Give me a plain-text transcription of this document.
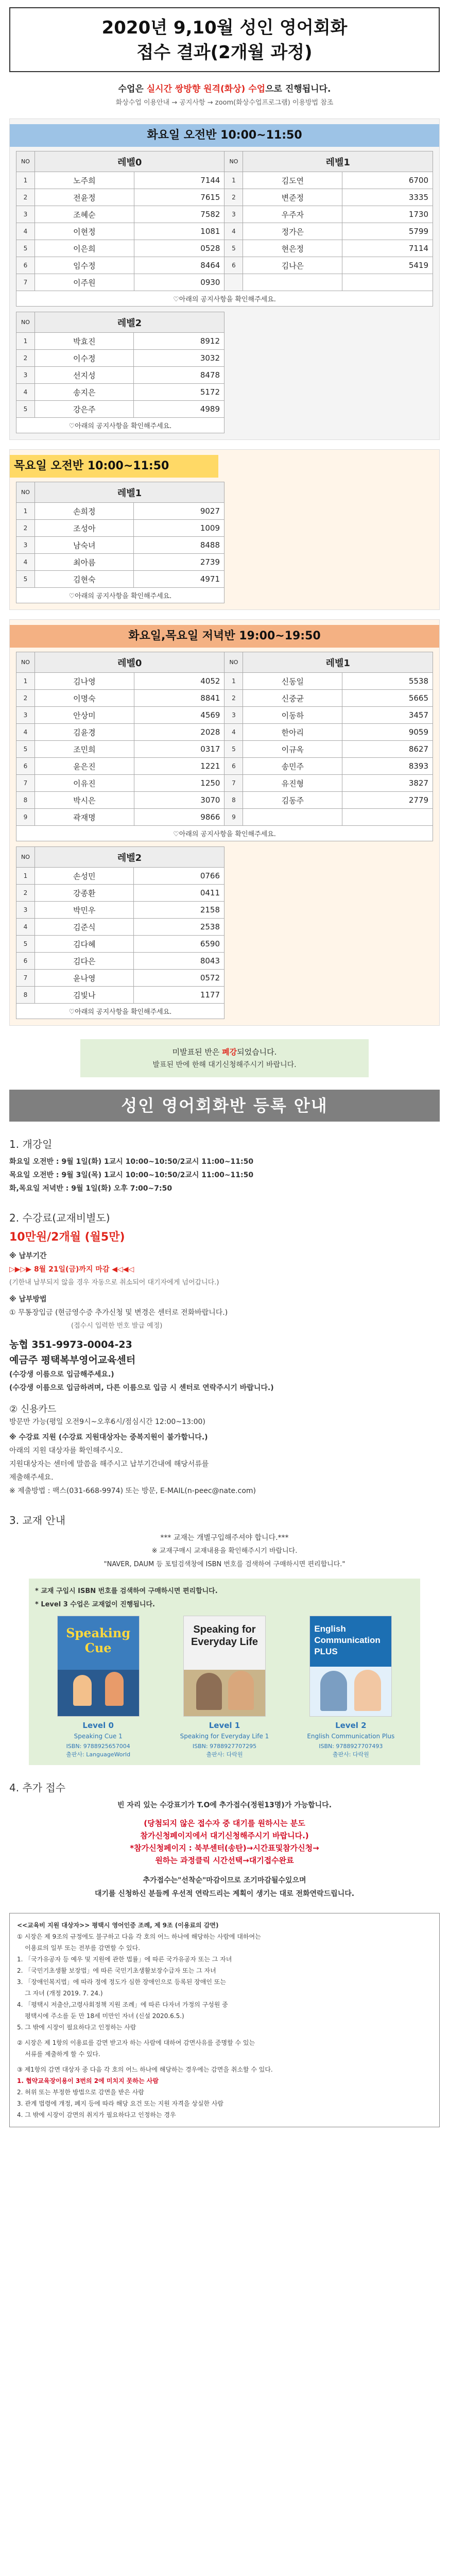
2020년 9,10월 성인 영어회화
접수 결과(2개월 과정)
수업은 실시간 쌍방향 원격(화상) 수업으로 진행됩니다.
화상수업 이용안내 → 공지사항 → zoom(화상수업프로그램) 이용방법 참조
화요일 오전반 10:00~11:50
NO	레벨0		NO	레벨1	
1	노주희	7144	1	김도연	6700
2	전윤정	7615	2	변준정	3335
3	조혜순	7582	3	우주자	1730
4	이현정	1081	4	정가은	5799
5	이은희	0528	5	현은정	7114
6	임수정	8464	6	김나은	5419
7	이주원	0930			
♡아래의 공지사항을 확인해주세요.					
NO	레벨2	
1	박효진	8912
2	이수정	3032
3	선지성	8478
4	송지은	5172
5	강은주	4989
♡아래의 공지사항을 확인해주세요.		
목요일 오전반 10:00~11:50
NO	레벨1	
1	손희정	9027
2	조성아	1009
3	남숙녀	8488
4	최아름	2739
5	김현숙	4971
♡아래의 공지사항을 확인해주세요.		
화요일,목요일 저녁반 19:00~19:50
NO	레벨0		NO	레벨1	
1	김나영	4052	1	신동일	5538
2	이명숙	8841	2	신중균	5665
3	안상미	4569	3	이동하	3457
4	김윤경	2028	4	한아리	9059
5	조민희	0317	5	이규옥	8627
6	윤은진	1221	6	송민주	8393
7	이유진	1250	7	유진형	3827
8	박시은	3070	8	김동주	2779
9	곽재명	9866	9		
♡아래의 공지사항을 확인해주세요.					
NO	레벨2	
1	손성민	0766
2	강종환	0411
3	박민우	2158
4	김준식	2538
5	김다혜	6590
6	김다은	8043
7	윤나영	0572
8	김빛나	1177
♡아래의 공지사항을 확인해주세요.		
미발표된 반은 폐강되었습니다.
발표된 반에 한해 대기신청해주시기 바랍니다.
성인 영어회화반 등록 안내
1. 개강일
화요일 오전반 : 9월 1일(화) 1교시 10:00~10:50/2교시 11:00~11:50
목요일 오전반 : 9월 3일(목) 1교시 10:00~10:50/2교시 11:00~11:50
화,목요일 저녁반 : 9월 1일(화) 오후 7:00~7:50
2. 수강료(교재비별도)
10만원/2개월 (월5만)
※ 납부기간
▷▶▷▶ 8월 21일(금)까지 마감 ◀◁◀◁
(기한내 납부되지 않을 경우 자동으로 취소되어 대기자에게 넘어갑니다.)
※ 납부방법
① 무통장입금 (현금영수증 추가신청 및 변경은 센터로 전화바랍니다.)
(접수시 입력한 번호 발급 예정)
농협 351-9973-0004-23
예금주 평택복부영어교육센터
(수강생 이름으로 입금해주세요.)
(수강생 이름으로 입금하려며, 다른 이름으로 입금 시 센터로 연락주시기 바랍니다.)
② 신용카드
방문만 가능(평일 오전9시~오후6시/점심시간 12:00~13:00)
※ 수강료 지원 (수강료 지원대상자는 중복지원이 불가합니다.)
아래의 지원 대상자를 확인해주시오.
지원대상자는 센터에 말씀을 해주시고 납부기간내에 해당서류를
제출해주세요.
※ 제출방법 : 팩스(031-668-9974) 또는 방문, E-MAIL(n-peec@nate.com)
3. 교재 안내
*** 교재는 개별구입해주셔야 합니다.***
※ 교재구매시 교재내용을 확인해주시기 바랍니다.
"NAVER, DAUM 등 포털검색창에 ISBN 번호를 검색하여 구매하시면 편리합니다."
* 교재 구입시 ISBN 번호를 검색하여 구매하시면 편리합니다.
* Level 3 수업은 교재없이 진행됩니다.
Speaking Cue
Level 0
Speaking Cue 1
ISBN: 9788925657004
출판사: LanguageWorld
Speaking for Everyday Life
Level 1
Speaking for Everyday Life 1
ISBN: 9788927707295
출판사: 다락원
English Communication PLUS
Level 2
English Communication Plus
ISBN: 9788927707493
출판사: 다락원
4. 추가 접수
빈 자리 있는 수강표기가 T.O에 추가접수(정원13명)가 가능합니다.
(당첨되지 않은 접수자 중 대기를 원하시는 분도
참가신청페이지에서 대기신청해주시기 바랍니다.)
*참가신청페이지 : 북부센터(송탄)→시간표및참가신청→
원하는 과정클릭 시간선택→대기접수완료
추가접수는"선착순"마감이므로 조기마감될수있으며
대기를 신청하신 분들께 우선적 연락드리는 계획이 생기는 대로 전화연락드립니다.
<<교육비 지원 대상자>> 평택시 영어인증 조례, 제 9조 (이용료의 감면)
① 시장은 제 9조의 규정에도 불구하고 다음 각 호의 어느 하나에 해당하는 사람에 대하여는
이용료의 일부 또는 전부를 감면할 수 있다.
1. 「국가유공자 등 예우 및 지원에 관한 법률」에 따른 국가유공자 또는 그 자녀
2. 「국민기초생활 보장법」에 따른 국민기초생활보장수급자 또는 그 자녀
3. 「장애인복지법」에 따라 정에 정도가 심한 장애인으로 등록된 장애인 또는
그 자녀 (개정 2019. 7. 24.)
4. 「평택시 저출산,고령사회정책 지원 조례」에 따른 다자녀 가정의 구성원 중
평택시에 주소를 둔 만 18세 미만인 자녀 (신설 2020.6.5.)
5. 그 밖에 시장이 필요하다고 인정하는 사람
② 시장은 제 1항의 이용료를 감면 받고자 하는 사람에 대하여 감면사유를 증명할 수 있는
서류를 제출하게 할 수 있다.
③ 제1항의 감면 대상자 중 다음 각 호의 어느 하나에 해당하는 경우에는 감면을 취소할 수 있다.
1. 협약교육장이용이 3번의 2에 미치지 못하는 사람
2. 허위 또는 부정한 방법으로 감면을 받은 사람
3. 관계 법령에 개정, 폐지 등에 따라 해당 요건 또는 지원 자격을 상실한 사람
4. 그 밖에 시장이 감면의 취지가 필요하다고 인정하는 경우
